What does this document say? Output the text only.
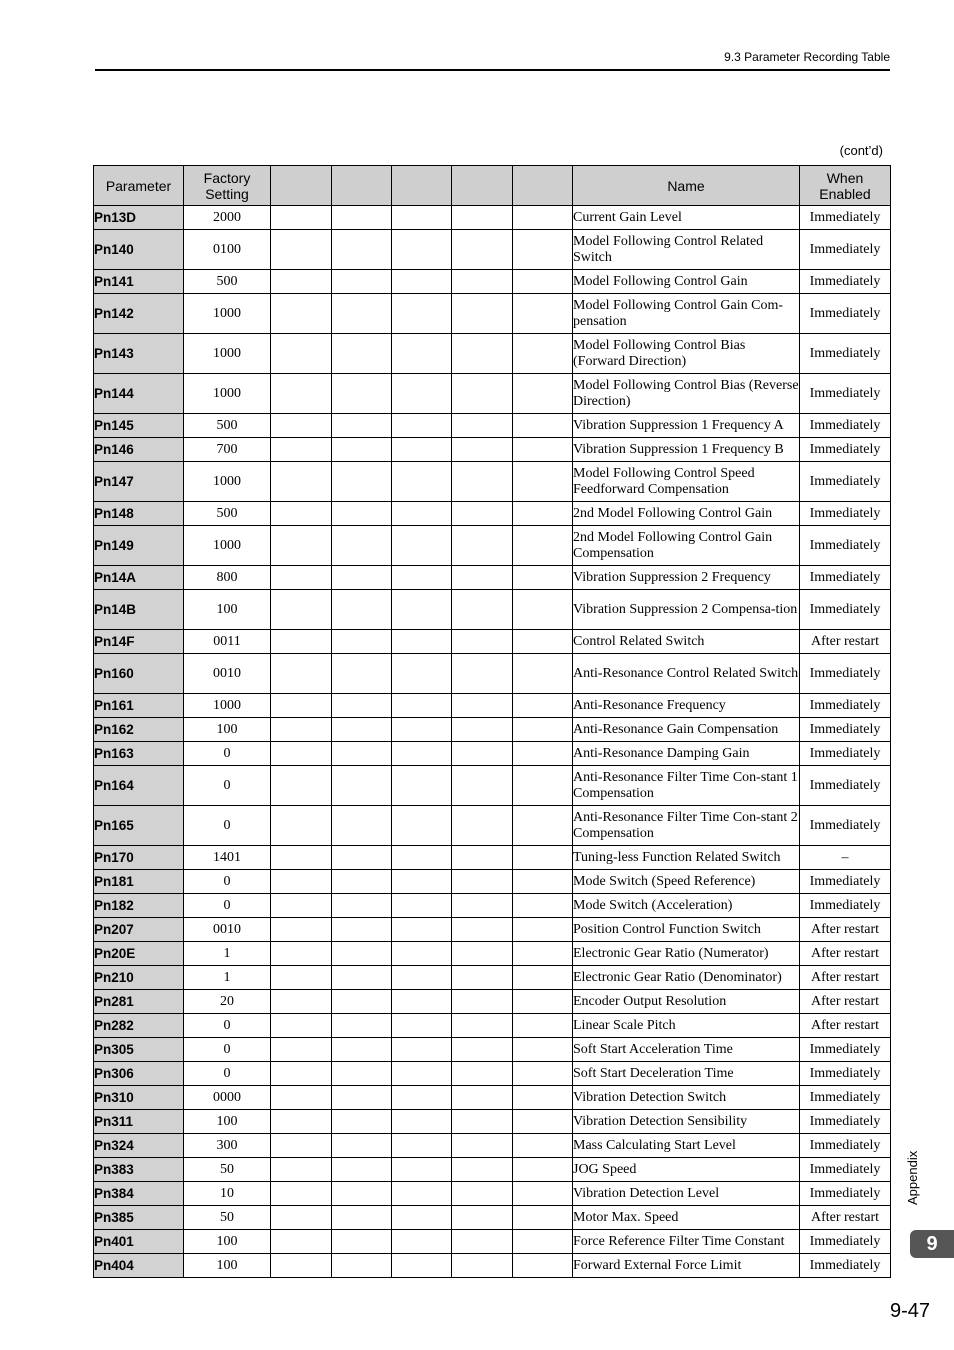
9.3 Parameter Recording Table
(cont’d)
Parameter	Factory Setting						Name	When Enabled
Pn13D	2000						Current Gain Level	Immediately
Pn140	0100						Model Following Control Related Switch	Immediately
Pn141	500						Model Following Control Gain	Immediately
Pn142	1000						Model Following Control Gain Com-pensation	Immediately
Pn143	1000						Model Following Control Bias (Forward Direction)	Immediately
Pn144	1000						Model Following Control Bias (Reverse Direction)	Immediately
Pn145	500						Vibration Suppression 1 Frequency A	Immediately
Pn146	700						Vibration Suppression 1 Frequency B	Immediately
Pn147	1000						Model Following Control Speed Feedforward Compensation	Immediately
Pn148	500						2nd Model Following Control Gain	Immediately
Pn149	1000						2nd Model Following Control Gain Compensation	Immediately
Pn14A	800						Vibration Suppression 2 Frequency	Immediately
Pn14B	100						Vibration Suppression 2 Compensa-tion	Immediately
Pn14F	0011						Control Related Switch	After restart
Pn160	0010						Anti-Resonance Control Related Switch	Immediately
Pn161	1000						Anti-Resonance Frequency	Immediately
Pn162	100						Anti-Resonance Gain Compensation	Immediately
Pn163	0						Anti-Resonance Damping Gain	Immediately
Pn164	0						Anti-Resonance Filter Time Con-stant 1 Compensation	Immediately
Pn165	0						Anti-Resonance Filter Time Con-stant 2 Compensation	Immediately
Pn170	1401						Tuning-less Function Related Switch	–
Pn181	0						Mode Switch (Speed Reference)	Immediately
Pn182	0						Mode Switch (Acceleration)	Immediately
Pn207	0010						Position Control Function Switch	After restart
Pn20E	1						Electronic Gear Ratio (Numerator)	After restart
Pn210	1						Electronic Gear Ratio (Denominator)	After restart
Pn281	20						Encoder Output Resolution	After restart
Pn282	0						Linear Scale Pitch	After restart
Pn305	0						Soft Start Acceleration Time	Immediately
Pn306	0						Soft Start Deceleration Time	Immediately
Pn310	0000						Vibration Detection Switch	Immediately
Pn311	100						Vibration Detection Sensibility	Immediately
Pn324	300						Mass Calculating Start Level	Immediately
Pn383	50						JOG Speed	Immediately
Pn384	10						Vibration Detection Level	Immediately
Pn385	50						Motor Max. Speed	After restart
Pn401	100						Force Reference Filter Time Constant	Immediately
Pn404	100						Forward External Force Limit	Immediately
Appendix
9
9-47
